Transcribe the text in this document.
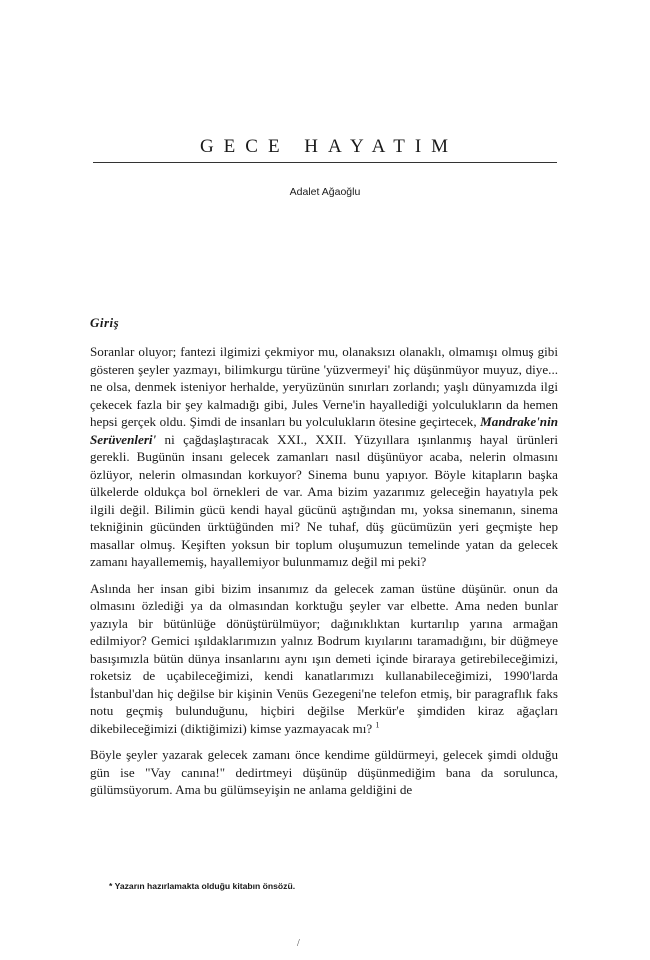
GECE HAYATIM
Adalet Ağaoğlu
Giriş

Soranlar oluyor; fantezi ilgimizi çekmiyor mu, olanaksızı olanaklı, olmamışı olmuş gibi gösteren şeyler yazmayı, bilimkurgu türüne 'yüzvermeyi' hiç düşünmüyor muyuz, diye... ne olsa, denmek isteniyor herhalde, yeryüzünün sınırları zorlandı; yaşlı dünyamızda ilgi çekecek fazla bir şey kalmadığı gibi, Jules Verne'in hayallediği yolculukların da hemen hepsi gerçek oldu. Şimdi de insanları bu yolculukların ötesine geçirtecek, Mandrake'nin Serüvenleri' ni çağdaşlaştıracak XXI., XXII. Yüzyıllara ışınlanmış hayal ürünleri gerekli. Bugünün insanı gelecek zamanları nasıl düşünüyor acaba, nelerin olmasını özlüyor, nelerin olmasından korkuyor? Sinema bunu yapıyor. Böyle kitapların başka ülkelerde oldukça bol örnekleri de var. Ama bizim yazarımız geleceğin hayatıyla pek ilgili değil. Bilimin gücü kendi hayal gücünü aştığından mı, yoksa sinemanın, sinema tekniğinin gücünden ürktüğünden mi? Ne tuhaf, düş gücümüzün yeri geçmişte hep masallar olmuş. Keşiften yoksun bir toplum oluşumuzun temelinde yatan da gelecek zamanı hayallememiş, hayallemiyor bulunmamız değil mi peki?

Aslında her insan gibi bizim insanımız da gelecek zaman üstüne düşünür. onun da olmasını özlediği ya da olmasından korktuğu şeyler var elbette. Ama neden bunlar yazıyla bir bütünlüğe dönüştürülmüyor; dağınıklıktan kurtarılıp yarına armağan edilmiyor? Gemici ışıldaklarımızın yalnız Bodrum kıyılarını taramadığını, bir düğmeye basışımızla bütün dünya insanlarını aynı ışın demeti içinde biraraya getirebileceğimizi, roketsiz de uçabileceğimizi, kendi kanatlarımızı kullanabileceğimizi, 1990'larda İstanbul'dan hiç değilse bir kişinin Venüs Gezegeni'ne telefon etmiş, bir paragraflık faks notu geçmiş bulunduğunu, hiçbiri değilse Merkür'e şimdiden kiraz ağaçları dikebileceğimizi (diktiğimizi) kimse yazmayacak mı? $^1$

Böyle şeyler yazarak gelecek zamanı önce kendime güldürmeyi, gelecek şimdi olduğu gün ise "Vay canına!" dedirtmeyi düşünüp düşünmediğim bana da sorulunca, gülümsüyorum. Ama bu gülümseyişin ne anlama geldiğini de

* Yazarın hazırlamakta olduğu kitabın önsözü.
/
